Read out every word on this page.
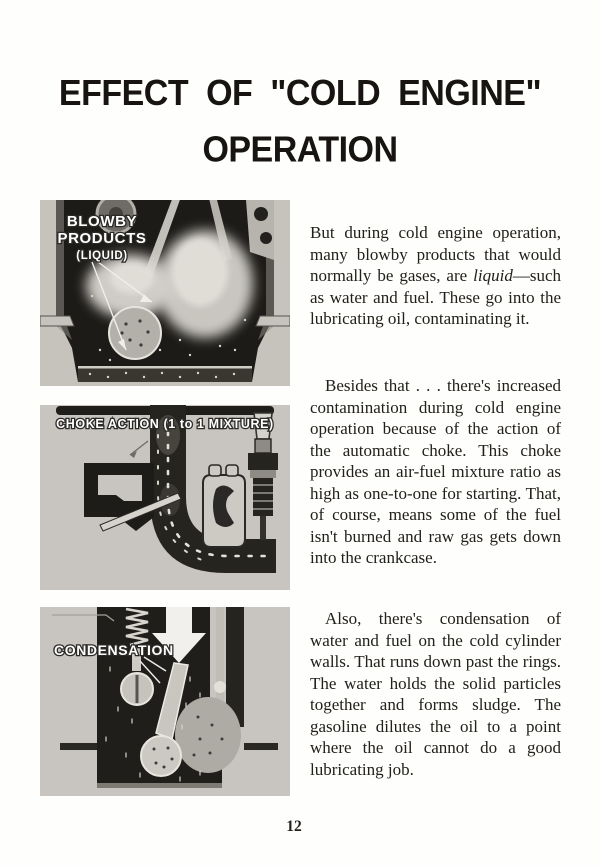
EFFECT OF "COLD ENGINE"
OPERATION
BLOWBY
PRODUCTS
(LIQUID)
CHOKE ACTION (1 to 1 MIXTURE)
CONDENSATION

But during cold engine operation, many blowby products that would normally be gases, are liquid—such as water and fuel. These go into the lubricating oil, contaminating it.

Besides that . . . there's increased contamination during cold engine operation because of the action of the automatic choke. This choke provides an air-fuel mixture ratio as high as one-to-one for starting. That, of course, means some of the fuel isn't burned and raw gas gets down into the crankcase.

Also, there's condensation of water and fuel on the cold cylinder walls. That runs down past the rings. The water holds the solid particles together and forms sludge. The gasoline dilutes the oil to a point where the oil cannot do a good lubricating job.

12
